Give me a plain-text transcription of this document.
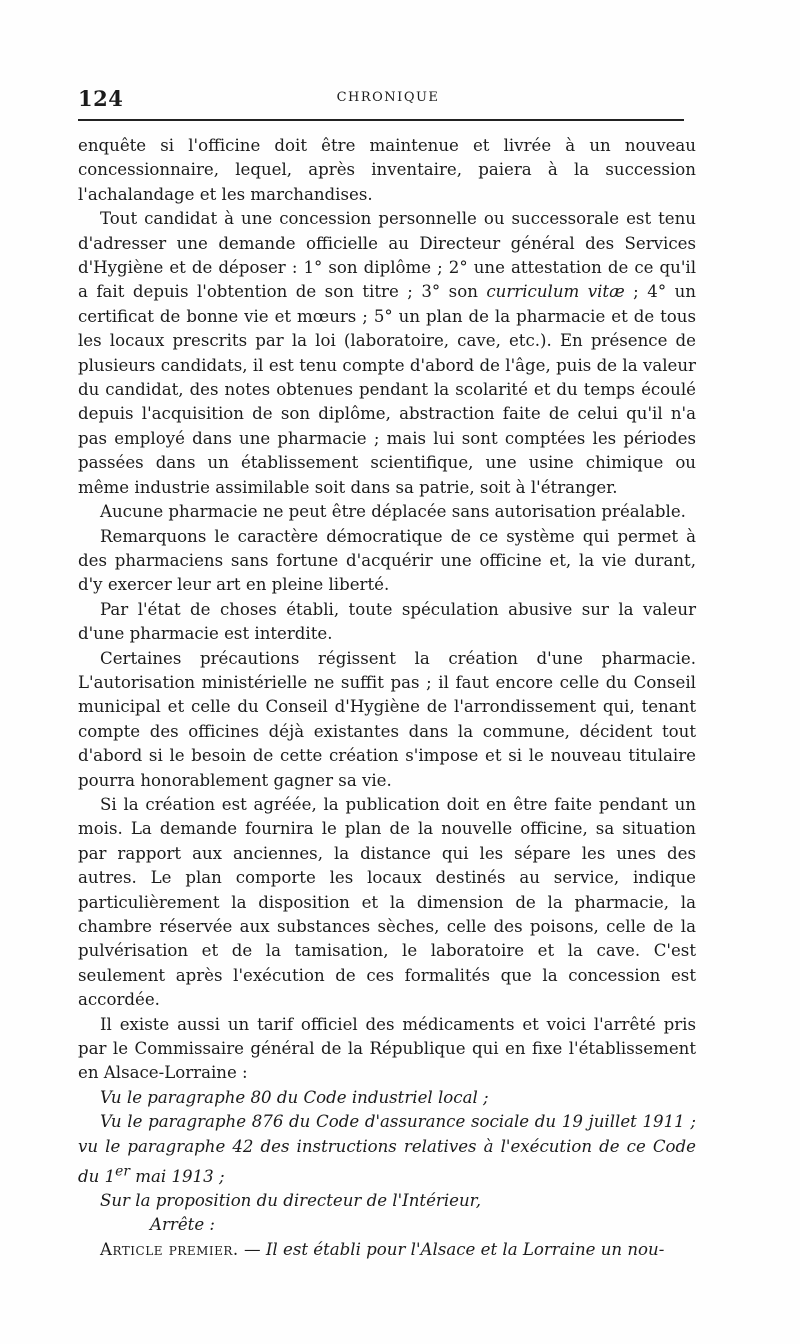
124	CHRONIQUE

enquête si l'officine doit être maintenue et livrée à un nouveau concessionnaire, lequel, après inventaire, paiera à la succession l'achalandage et les marchandises.

Tout candidat à une concession personnelle ou successorale est tenu d'adresser une demande officielle au Directeur général des Services d'Hygiène et de déposer : 1° son diplôme ; 2° une attestation de ce qu'il a fait depuis l'obtention de son titre ; 3° son curriculum vitæ ; 4° un certificat de bonne vie et mœurs ; 5° un plan de la pharmacie et de tous les locaux prescrits par la loi (laboratoire, cave, etc.). En présence de plusieurs candidats, il est tenu compte d'abord de l'âge, puis de la valeur du candidat, des notes obtenues pendant la scolarité et du temps écoulé depuis l'acquisition de son diplôme, abstraction faite de celui qu'il n'a pas employé dans une pharmacie ; mais lui sont comptées les périodes passées dans un établissement scientifique, une usine chimique ou même industrie assimilable soit dans sa patrie, soit à l'étranger.

Aucune pharmacie ne peut être déplacée sans autorisation préalable.

Remarquons le caractère démocratique de ce système qui permet à des pharmaciens sans fortune d'acquérir une officine et, la vie durant, d'y exercer leur art en pleine liberté.

Par l'état de choses établi, toute spéculation abusive sur la valeur d'une pharmacie est interdite.

Certaines précautions régissent la création d'une pharmacie. L'autorisation ministérielle ne suffit pas ; il faut encore celle du Conseil municipal et celle du Conseil d'Hygiène de l'arrondissement qui, tenant compte des officines déjà existantes dans la commune, décident tout d'abord si le besoin de cette création s'impose et si le nouveau titulaire pourra honorablement gagner sa vie.

Si la création est agréée, la publication doit en être faite pendant un mois. La demande fournira le plan de la nouvelle officine, sa situation par rapport aux anciennes, la distance qui les sépare les unes des autres. Le plan comporte les locaux destinés au service, indique particulièrement la disposition et la dimension de la pharmacie, la chambre réservée aux substances sèches, celle des poisons, celle de la pulvérisation et de la tamisation, le laboratoire et la cave. C'est seulement après l'exécution de ces formalités que la concession est accordée.

Il existe aussi un tarif officiel des médicaments et voici l'arrêté pris par le Commissaire général de la République qui en fixe l'établissement en Alsace-Lorraine :

Vu le paragraphe 80 du Code industriel local ;

Vu le paragraphe 876 du Code d'assurance sociale du 19 juillet 1911 ; vu le paragraphe 42 des instructions relatives à l'exécution de ce Code du 1er mai 1913 ;

Sur la proposition du directeur de l'Intérieur,

Arrête :

Article premier. — Il est établi pour l'Alsace et la Lorraine un nou-
